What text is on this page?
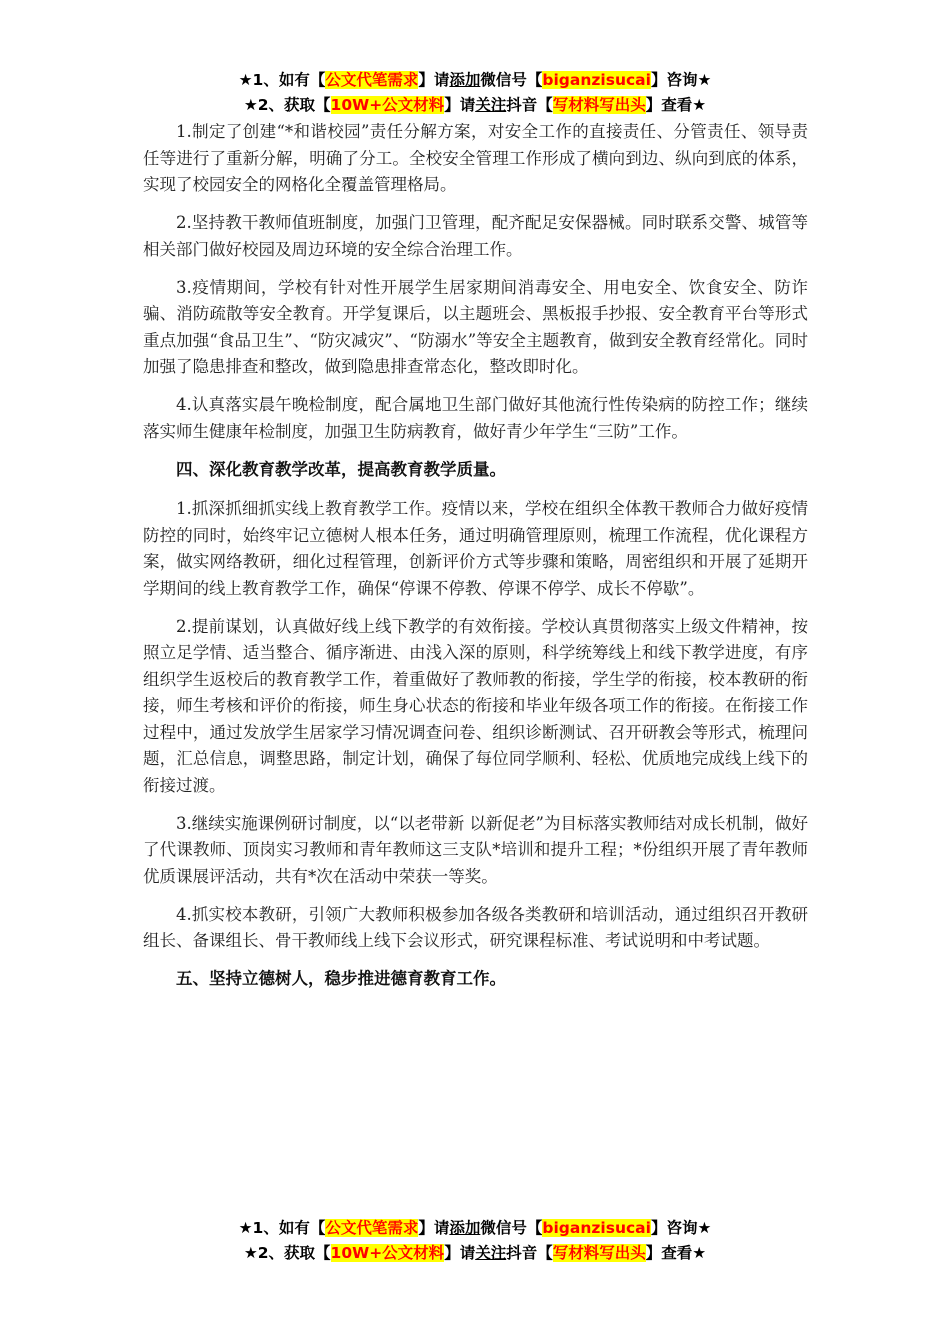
★1、如有【公文代笔需求】请添加微信号【biganzisucai】咨询★
★2、获取【10W+公文材料】请关注抖音【写材料写出头】查看★

1.制定了创建“*和谐校园”责任分解方案，对安全工作的直接责任、分管责任、领导责任等进行了重新分解，明确了分工。全校安全管理工作形成了横向到边、纵向到底的体系，实现了校园安全的网格化全覆盖管理格局。

2.坚持教干教师值班制度，加强门卫管理，配齐配足安保器械。同时联系交警、城管等相关部门做好校园及周边环境的安全综合治理工作。

3.疫情期间，学校有针对性开展学生居家期间消毒安全、用电安全、饮食安全、防诈骗、消防疏散等安全教育。开学复课后，以主题班会、黑板报手抄报、安全教育平台等形式重点加强“食品卫生”、“防灾减灾”、“防溺水”等安全主题教育，做到安全教育经常化。同时加强了隐患排查和整改，做到隐患排查常态化，整改即时化。

4.认真落实晨午晚检制度，配合属地卫生部门做好其他流行性传染病的防控工作；继续落实师生健康年检制度，加强卫生防病教育，做好青少年学生“三防”工作。

四、深化教育教学改革，提高教育教学质量。

1.抓深抓细抓实线上教育教学工作。疫情以来，学校在组织全体教干教师合力做好疫情防控的同时，始终牢记立德树人根本任务，通过明确管理原则，梳理工作流程，优化课程方案，做实网络教研，细化过程管理，创新评价方式等步骤和策略，周密组织和开展了延期开学期间的线上教育教学工作，确保“停课不停教、停课不停学、成长不停歇”。

2.提前谋划，认真做好线上线下教学的有效衔接。学校认真贯彻落实上级文件精神，按照立足学情、适当整合、循序渐进、由浅入深的原则，科学统筹线上和线下教学进度，有序组织学生返校后的教育教学工作，着重做好了教师教的衔接，学生学的衔接，校本教研的衔接，师生考核和评价的衔接，师生身心状态的衔接和毕业年级各项工作的衔接。在衔接工作过程中，通过发放学生居家学习情况调查问卷、组织诊断测试、召开研教会等形式，梳理问题，汇总信息，调整思路，制定计划，确保了每位同学顺利、轻松、优质地完成线上线下的衔接过渡。

3.继续实施课例研讨制度，以“以老带新 以新促老”为目标落实教师结对成长机制，做好了代课教师、顶岗实习教师和青年教师这三支队*培训和提升工程；*份组织开展了青年教师优质课展评活动，共有*次在活动中荣获一等奖。

4.抓实校本教研，引领广大教师积极参加各级各类教研和培训活动，通过组织召开教研组长、备课组长、骨干教师线上线下会议形式，研究课程标准、考试说明和中考试题。

五、坚持立德树人，稳步推进德育教育工作。

★1、如有【公文代笔需求】请添加微信号【biganzisucai】咨询★
★2、获取【10W+公文材料】请关注抖音【写材料写出头】查看★
